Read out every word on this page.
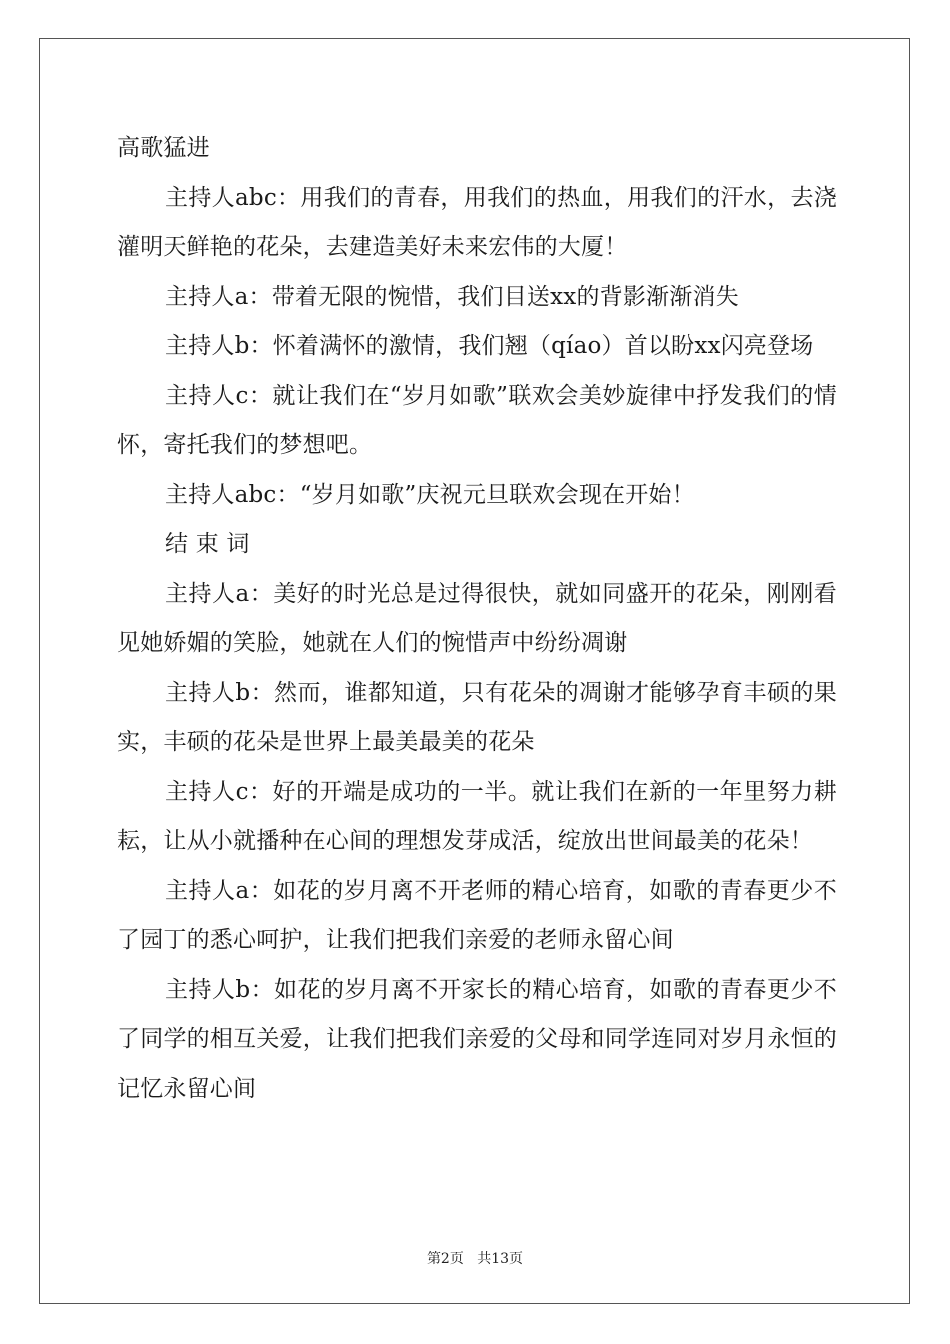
高歌猛进

主持人abc：用我们的青春，用我们的热血，用我们的汗水，去浇灌明天鲜艳的花朵，去建造美好未来宏伟的大厦！

主持人a：带着无限的惋惜，我们目送xx的背影渐渐消失

主持人b：怀着满怀的激情，我们翘（qíao）首以盼xx闪亮登场

主持人c：就让我们在“岁月如歌”联欢会美妙旋律中抒发我们的情怀，寄托我们的梦想吧。

主持人abc：“岁月如歌”庆祝元旦联欢会现在开始！

结 束 词

主持人a：美好的时光总是过得很快，就如同盛开的花朵，刚刚看见她娇媚的笑脸，她就在人们的惋惜声中纷纷凋谢

主持人b：然而，谁都知道，只有花朵的凋谢才能够孕育丰硕的果实，丰硕的花朵是世界上最美最美的花朵

主持人c：好的开端是成功的一半。就让我们在新的一年里努力耕耘，让从小就播种在心间的理想发芽成活，绽放出世间最美的花朵！

主持人a：如花的岁月离不开老师的精心培育，如歌的青春更少不了园丁的悉心呵护，让我们把我们亲爱的老师永留心间

主持人b：如花的岁月离不开家长的精心培育，如歌的青春更少不了同学的相互关爱，让我们把我们亲爱的父母和同学连同对岁月永恒的记忆永留心间

第2页 共13页
